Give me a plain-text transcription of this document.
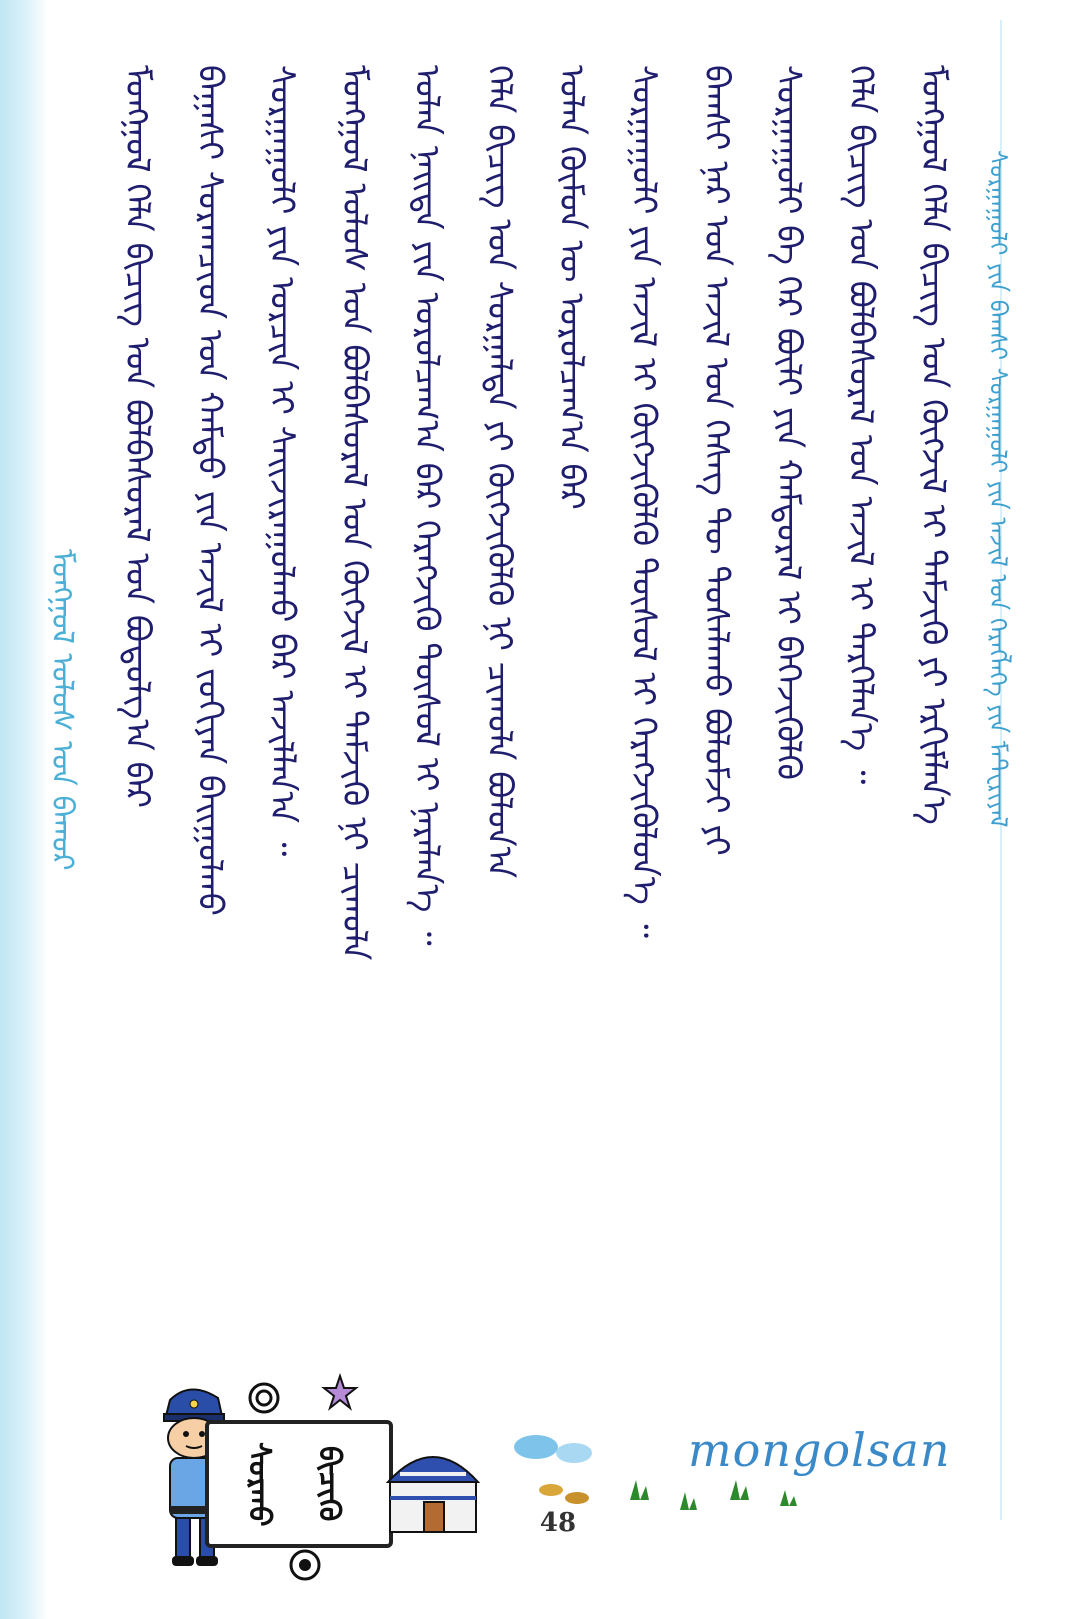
ᠮᠣᠩᠭᠣᠯ ᠤᠯᠤᠰ ᠤᠨ ᠪᠠᠬᠤᠷ ᠮᠣᠩᠭᠣᠯ ᠬᠡᠯᠡ ᠪᠢᠴᠢᠭ ᠤᠨ ᠪᠣᠯᠪᠠᠰᠤᠷᠠᠯ ᠤᠨ ᠪᠣᠳᠣᠯᠭ᠎ᠠ ᠪᠠᠷ ᠪᠠᠭᠠᠰᠢ ᠰᠤᠷᠠᠭᠴᠢᠳ ᠤᠨ ᠬᠠᠮᠲᠤ ᠶᠢᠨ ᠠᠵᠢᠯ ᠢ ᠵᠣᠬᠢᠶᠠᠨ ᠪᠠᠢᠭᠤᠯᠬᠤ ᠰᠤᠷᠭᠠᠭᠤᠯᠢ ᠶᠢᠨ ᠣᠷᠴᠢᠨ ᠢ ᠰᠠᠢᠵᠢᠷᠠᠭᠤᠯᠬᠤ ᠪᠠᠷ ᠠᠵᠢᠯᠯᠠᠨ᠎ᠠ ᠃ ᠮᠣᠩᠭᠣᠯ ᠤᠯᠤᠰ ᠤᠨ ᠪᠣᠯᠪᠠᠰᠤᠷᠠᠯ ᠤᠨ ᠬᠥᠭᠵᠢᠯ ᠢ ᠳᠡᠮᠵᠢᠬᠦ ᠨᠢ ᠴᠢᠬᠤᠯᠠ ᠣᠯᠠᠨ ᠨᠡᠢᠲᠡ ᠶᠢᠨ ᠣᠷᠣᠯᠴᠠᠭ᠎ᠠ ᠪᠠᠷ ᠬᠡᠷᠡᠭᠵᠢᠬᠦ ᠲᠥᠰᠥᠯ ᠢ ᠨᠡᠷᠡᠯᠡᠨ᠎ᠡ ᠃ ᠬᠡᠯᠡ ᠪᠢᠴᠢᠭ ᠤᠨ ᠰᠤᠷᠭᠠᠯᠲᠠ ᠶᠢ ᠬᠥᠭᠵᠢᠭᠦᠯᠬᠦ ᠨᠢ ᠴᠢᠬᠤᠯᠠ ᠪᠣᠯᠤᠨ᠎ᠠ ᠣᠯᠠᠨ ᠬᠦᠮᠦᠨ ᠦ ᠣᠷᠣᠯᠴᠠᠭ᠎ᠠ ᠪᠠᠷ ᠰᠤᠷᠭᠠᠭᠤᠯᠢ ᠶᠢᠨ ᠠᠵᠢᠯ ᠢ ᠬᠥᠭᠵᠢᠭᠦᠯᠬᠦ ᠲᠥᠰᠥᠯ ᠢ ᠬᠡᠷᠡᠭᠵᠢᠭᠦᠯᠦᠨ᠎ᠡ ᠃ ᠪᠠᠭᠰᠢ ᠨᠠᠷ ᠤᠨ ᠠᠵᠢᠯ ᠤᠨ ᠬᠡᠰᠡᠭ ᠲᠦ ᠲᠤᠰᠠᠯᠠᠬᠤ ᠪᠣᠯᠣᠮᠵᠢ ᠶᠢ ᠰᠤᠷᠭᠠᠭᠤᠯᠢ ᠪᠠ ᠭᠡᠷ ᠪᠦᠯᠢ ᠶᠢᠨ ᠬᠠᠮᠲᠤᠷᠠᠯ ᠢ ᠪᠡᠬᠡᠵᠢᠭᠦᠯᠬᠦ ᠬᠡᠯᠡ ᠪᠢᠴᠢᠭ ᠤᠨ ᠪᠣᠯᠪᠠᠰᠤᠷᠠᠯ ᠤᠨ ᠠᠵᠢᠯ ᠢ ᠲᠡᠷᠭᠡᠯᠡᠨ᠎ᠡ ᠃ ᠮᠣᠩᠭᠣᠯ ᠬᠡᠯᠡ ᠪᠢᠴᠢᠭ ᠤᠨ ᠬᠥᠭᠵᠢᠯ ᠢ ᠳᠡᠮᠵᠢᠬᠦ ᠶᠢ ᠡᠷᠬᠢᠮᠯᠡᠨ᠎ᠡ ᠰᠤᠷᠭᠠᠭᠤᠯᠢ ᠶᠢᠨ ᠪᠠᠭᠰᠢ ᠰᠤᠷᠭᠠᠭᠤᠯᠢ ᠶᠢᠨ ᠠᠵᠢᠯ ᠤᠨ ᠬᠡᠷᠡᠭᠯᠡᠭᠡ ᠶᠢᠨ ᠮᠠᠲᠧᠷᠢᠶᠠᠯ
ᠰᠤᠷᠬᠤ	ᠪᠢᠴᠢᠬᠦ
48
mongolsan
